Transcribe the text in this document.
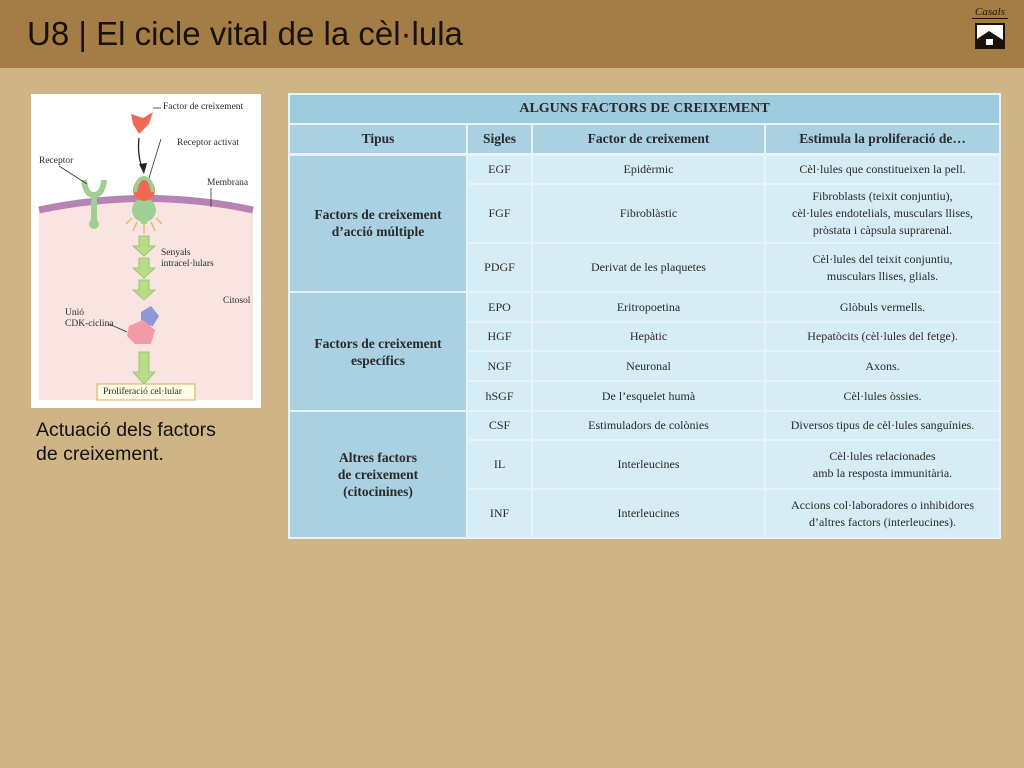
U8 | El cicle vital de la cèl·lula
Casals
Factor de creixement
Receptor activat
Receptor
Membrana
Senyals
intracel·lulars
Citosol
Unió
CDK-ciclina
Proliferació cel·lular
Actuació dels factors
de creixement.
ALGUNS FACTORS DE CREIXEMENT			
Tipus	Sigles	Factor de creixement	Estimula la proliferació de…
Factors de creixement
d’acció múltiple	EGF	Epidèrmic	Cèl·lules que constitueixen la pell.
	FGF	Fibroblàstic	Fibroblasts (teixit conjuntiu),
cèl·lules endotelials, musculars llises,
pròstata i càpsula suprarenal.
	PDGF	Derivat de les plaquetes	Cèl·lules del teixit conjuntiu,
musculars llises, glials.
Factors de creixement
específics	EPO	Eritropoetina	Glòbuls vermells.
	HGF	Hepàtic	Hepatòcits (cèl·lules del fetge).
	NGF	Neuronal	Axons.
	hSGF	De l’esquelet humà	Cèl·lules òssies.
Altres factors
de creixement
(citocinines)	CSF	Estimuladors de colònies	Diversos tipus de cèl·lules sanguínies.
	IL	Interleucines	Cèl·lules relacionades
amb la resposta immunitària.
	INF	Interleucines	Accions col·laboradores o inhibidores
d’altres factors (interleucines).
